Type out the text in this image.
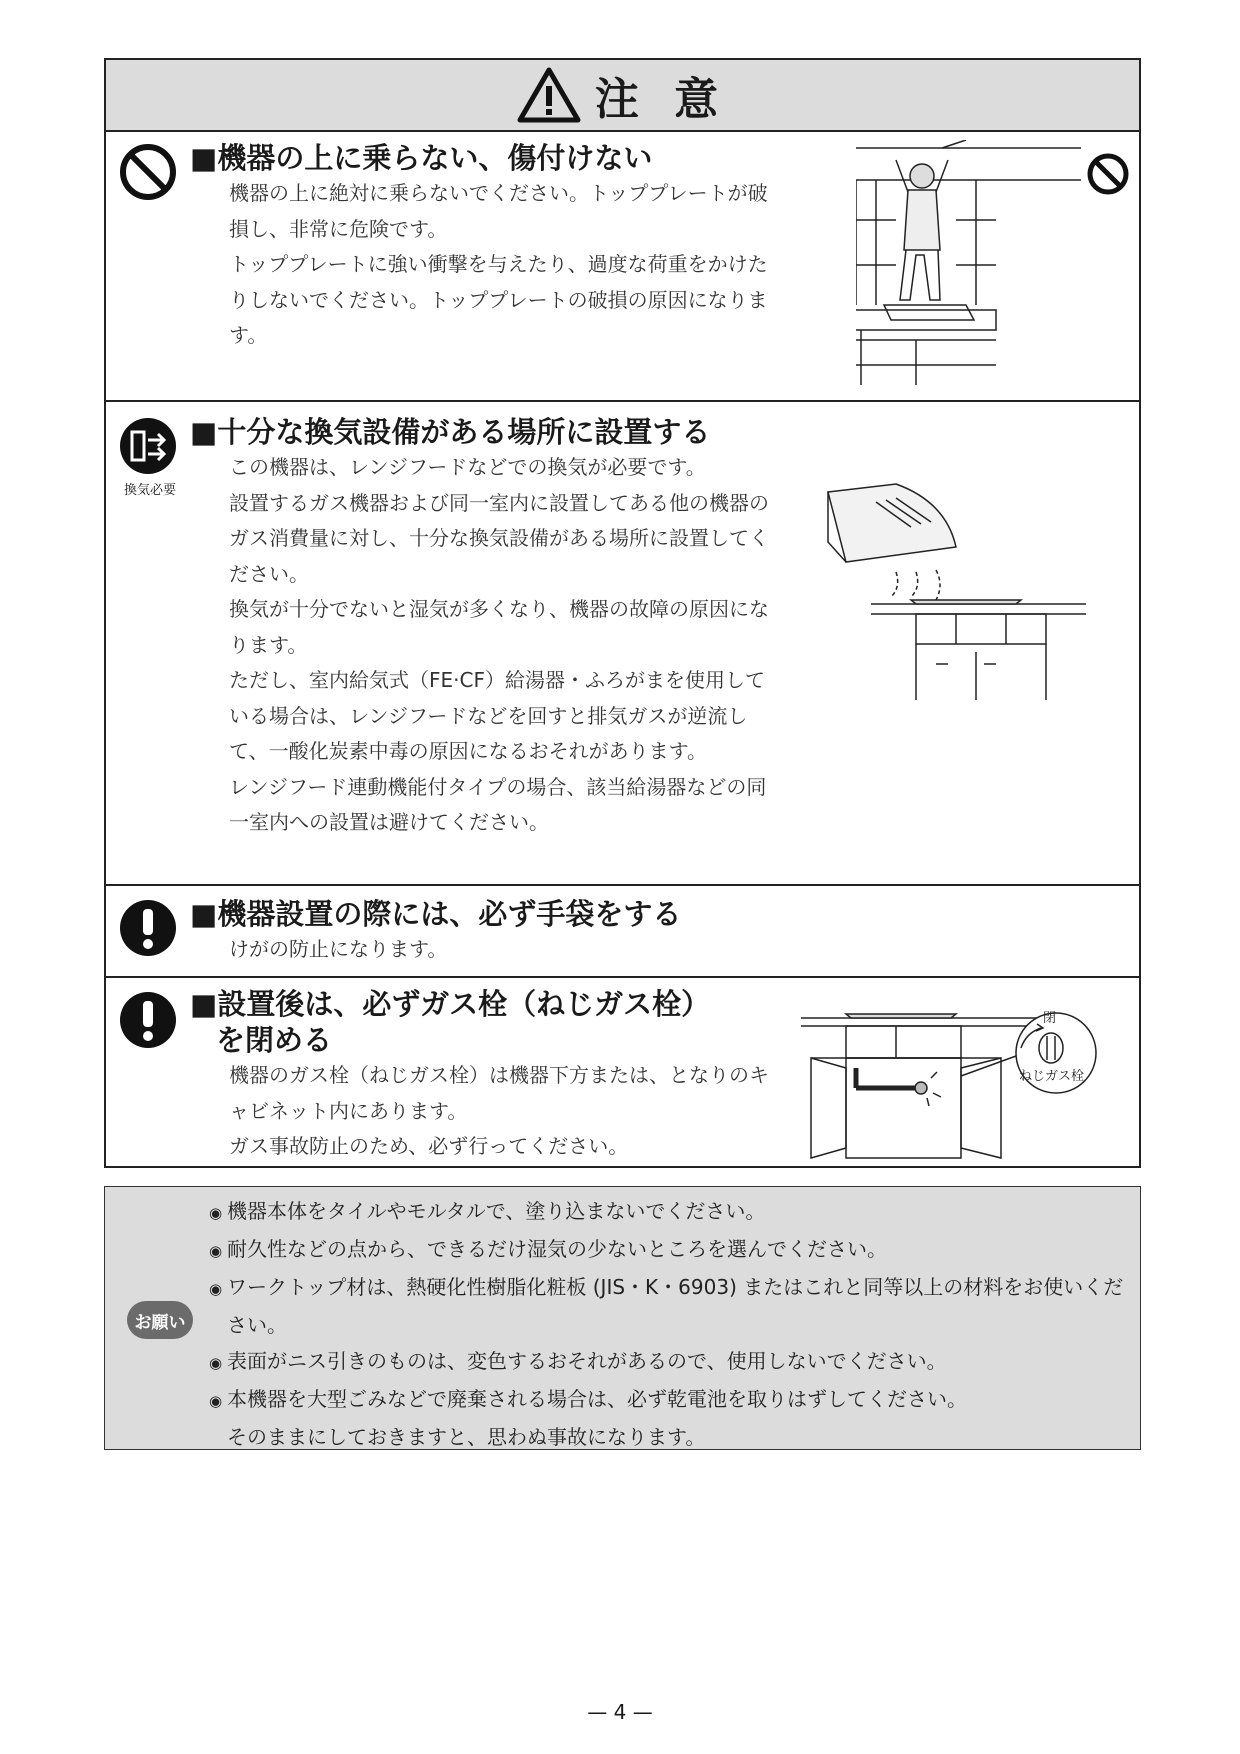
注 意
■機器の上に乗らない、傷付けない

機器の上に絶対に乗らないでください。トッププレートが破損し、非常に危険です。

トッププレートに強い衝撃を与えたり、過度な荷重をかけたりしないでください。トッププレートの破損の原因になります。

換気必要
■十分な換気設備がある場所に設置する

この機器は、レンジフードなどでの換気が必要です。

設置するガス機器および同一室内に設置してある他の機器のガス消費量に対し、十分な換気設備がある場所に設置してください。

換気が十分でないと湿気が多くなり、機器の故障の原因になります。

ただし、室内給気式（FE·CF）給湯器・ふろがまを使用している場合は、レンジフードなどを回すと排気ガスが逆流して、一酸化炭素中毒の原因になるおそれがあります。

レンジフード連動機能付タイプの場合、該当給湯器などの同一室内への設置は避けてください。

■機器設置の際には、必ず手袋をする

けがの防止になります。

■設置後は、必ずガス栓（ねじガス栓）
を閉める

機器のガス栓（ねじガス栓）は機器下方または、となりのキャビネット内にあります。

ガス事故防止のため、必ず行ってください。

閉
ねじガス栓
お願い

◉ 機器本体をタイルやモルタルで、塗り込まないでください。

◉ 耐久性などの点から、できるだけ湿気の少ないところを選んでください。

◉ ワークトップ材は、熱硬化性樹脂化粧板 (JIS・K・6903) またはこれと同等以上の材料をお使いください。

◉ 表面がニス引きのものは、変色するおそれがあるので、使用しないでください。

◉ 本機器を大型ごみなどで廃棄される場合は、必ず乾電池を取りはずしてください。

そのままにしておきますと、思わぬ事故になります。

— 4 —
